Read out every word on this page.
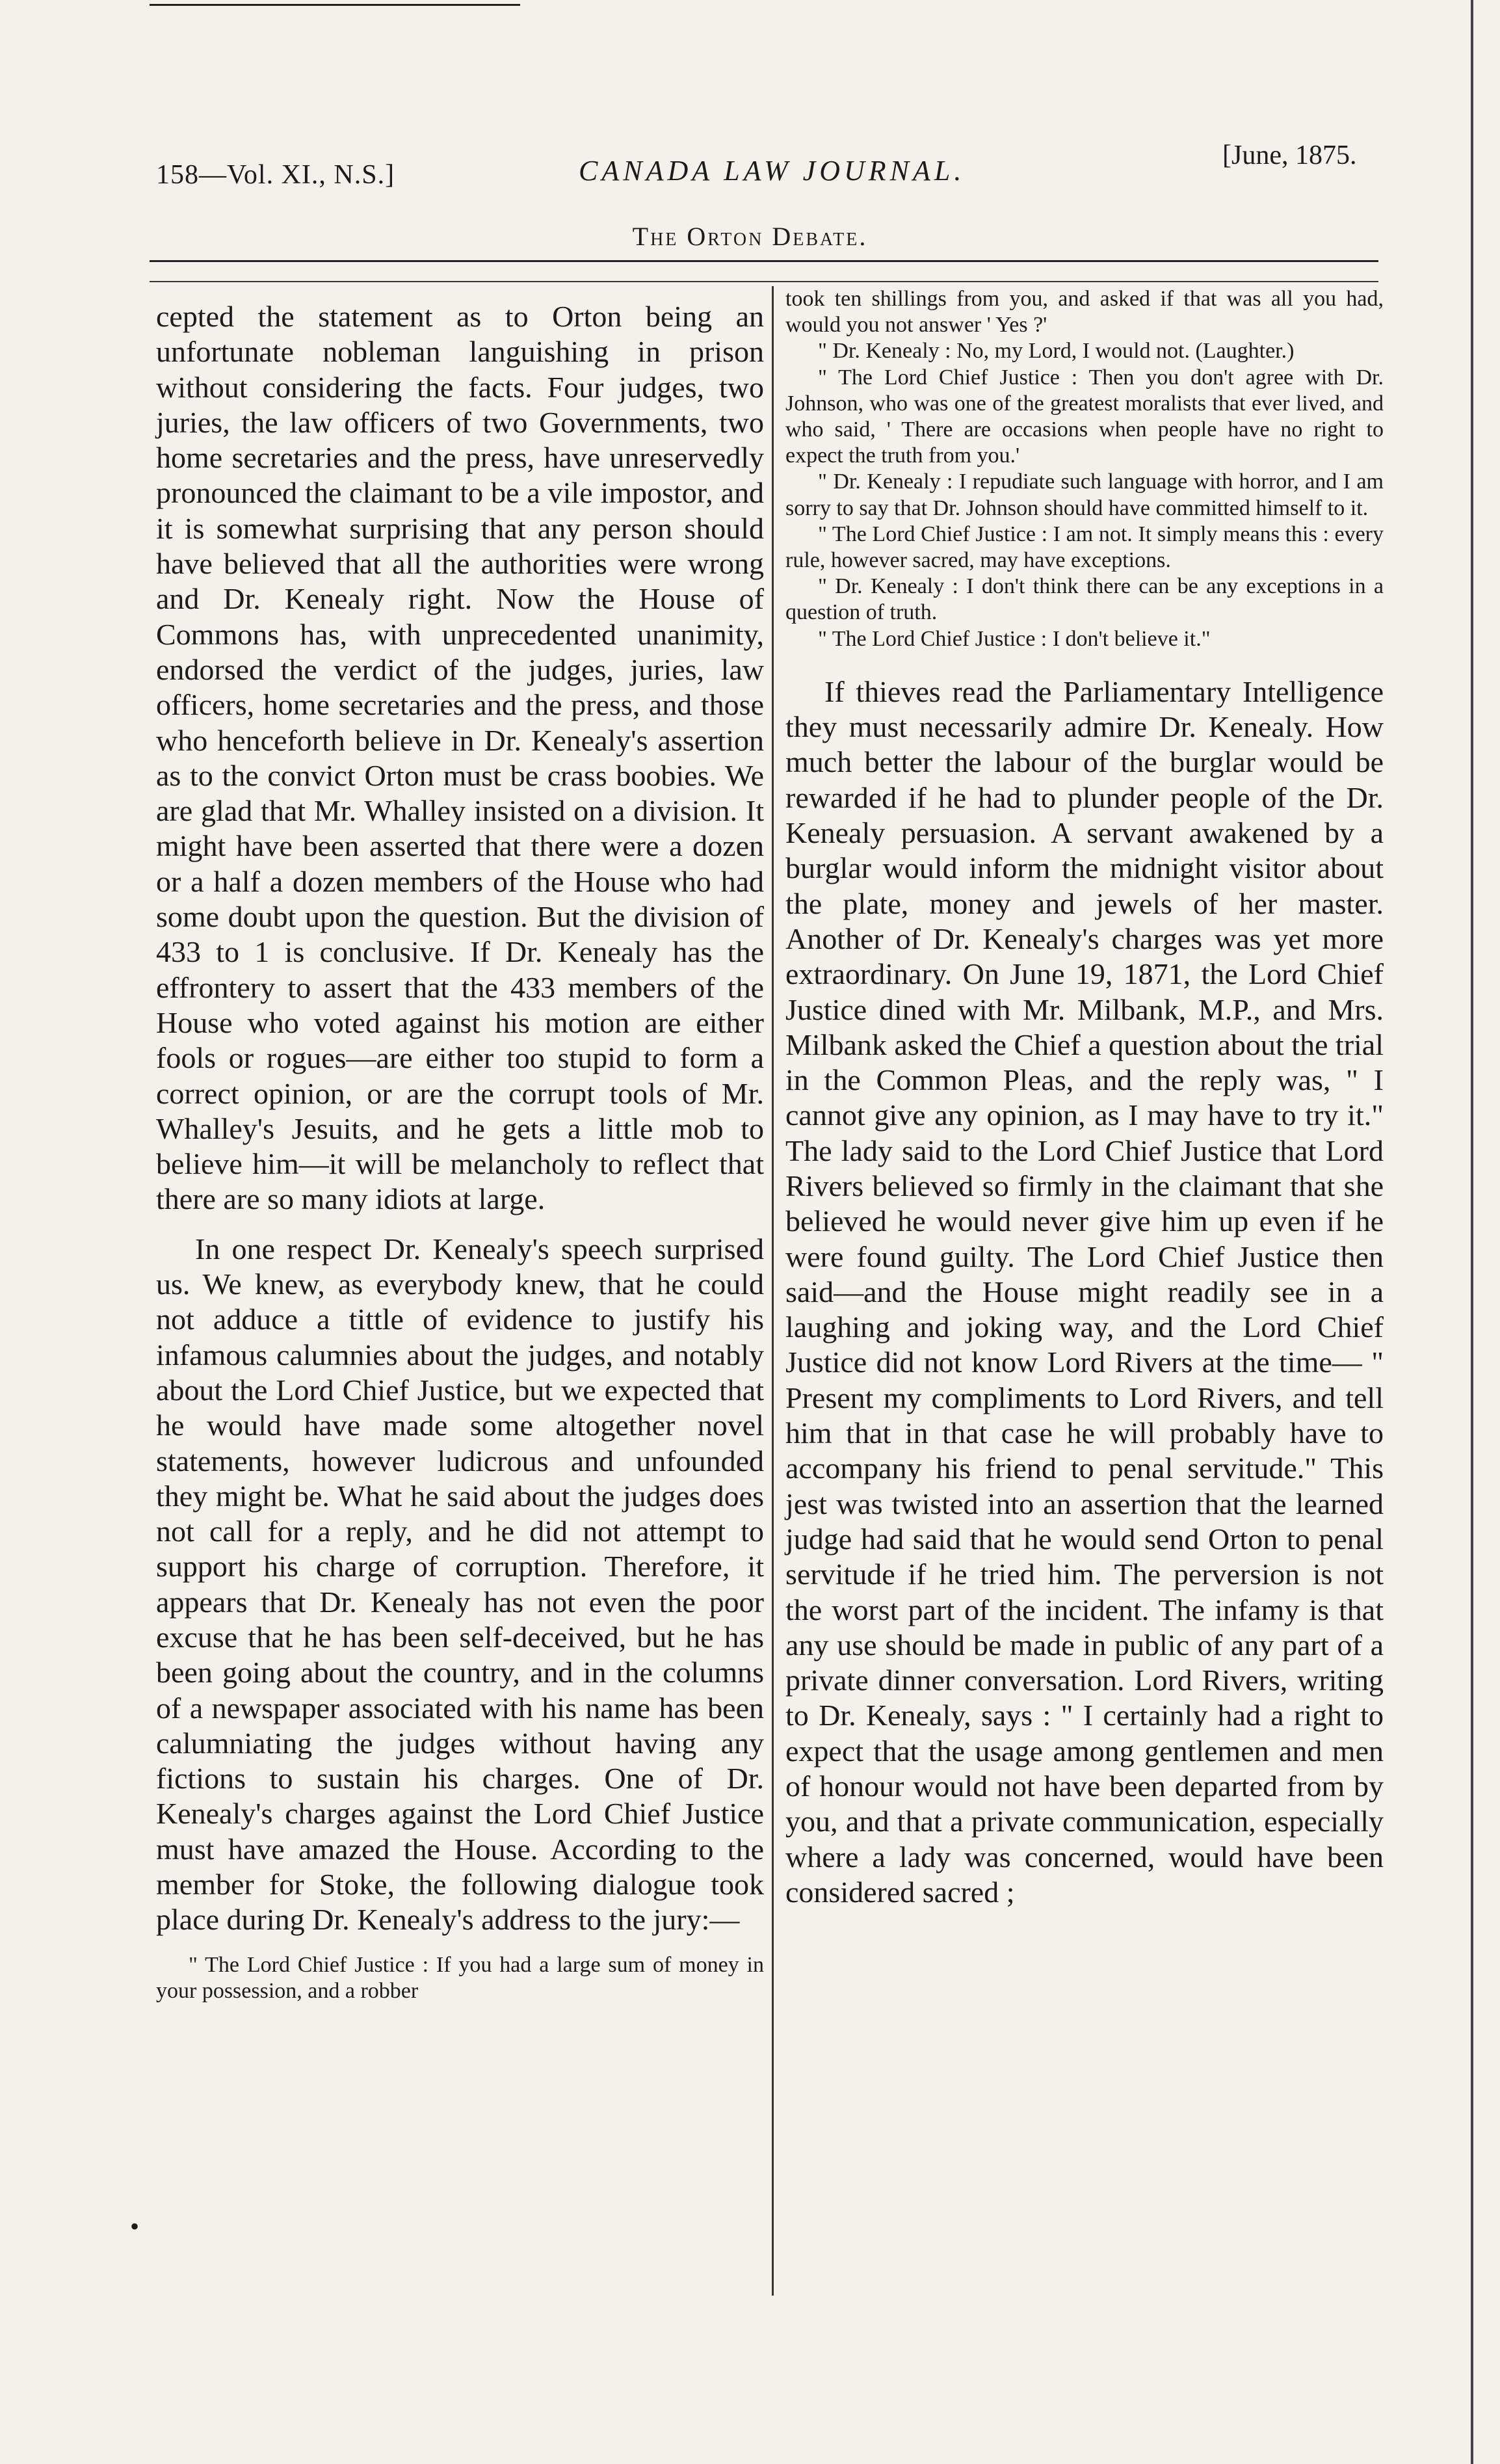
158—Vol. XI., N.S.]	CANADA LAW JOURNAL.	[June, 1875.
The Orton Debate.

cepted the statement as to Orton being an unfortunate nobleman languishing in prison without considering the facts. Four judges, two juries, the law officers of two Governments, two home secretaries and the press, have unreservedly pronounced the claimant to be a vile impostor, and it is somewhat surprising that any person should have believed that all the authorities were wrong and Dr. Kenealy right. Now the House of Commons has, with unprecedented unanimity, endorsed the verdict of the judges, juries, law officers, home secretaries and the press, and those who henceforth believe in Dr. Kenealy's assertion as to the convict Orton must be crass boobies. We are glad that Mr. Whalley insisted on a division. It might have been asserted that there were a dozen or a half a dozen members of the House who had some doubt upon the question. But the division of 433 to 1 is conclusive. If Dr. Kenealy has the effrontery to assert that the 433 members of the House who voted against his motion are either fools or rogues—are either too stupid to form a correct opinion, or are the corrupt tools of Mr. Whalley's Jesuits, and he gets a little mob to believe him—it will be melancholy to reflect that there are so many idiots at large.

In one respect Dr. Kenealy's speech surprised us. We knew, as everybody knew, that he could not adduce a tittle of evidence to justify his infamous calumnies about the judges, and notably about the Lord Chief Justice, but we expected that he would have made some altogether novel statements, however ludicrous and unfounded they might be. What he said about the judges does not call for a reply, and he did not attempt to support his charge of corruption. Therefore, it appears that Dr. Kenealy has not even the poor excuse that he has been self-deceived, but he has been going about the country, and in the columns of a newspaper associated with his name has been calumniating the judges without having any fictions to sustain his charges. One of Dr. Kenealy's charges against the Lord Chief Justice must have amazed the House. According to the member for Stoke, the following dialogue took place during Dr. Kenealy's address to the jury:—

" The Lord Chief Justice : If you had a large sum of money in your possession, and a robber

took ten shillings from you, and asked if that was all you had, would you not answer ' Yes ?'

" Dr. Kenealy : No, my Lord, I would not. (Laughter.)

" The Lord Chief Justice : Then you don't agree with Dr. Johnson, who was one of the greatest moralists that ever lived, and who said, ' There are occasions when people have no right to expect the truth from you.'

" Dr. Kenealy : I repudiate such language with horror, and I am sorry to say that Dr. Johnson should have committed himself to it.

" The Lord Chief Justice : I am not. It simply means this : every rule, however sacred, may have exceptions.

" Dr. Kenealy : I don't think there can be any exceptions in a question of truth.

" The Lord Chief Justice : I don't believe it."

If thieves read the Parliamentary Intelligence they must necessarily admire Dr. Kenealy. How much better the labour of the burglar would be rewarded if he had to plunder people of the Dr. Kenealy persuasion. A servant awakened by a burglar would inform the midnight visitor about the plate, money and jewels of her master. Another of Dr. Kenealy's charges was yet more extraordinary. On June 19, 1871, the Lord Chief Justice dined with Mr. Milbank, M.P., and Mrs. Milbank asked the Chief a question about the trial in the Common Pleas, and the reply was, " I cannot give any opinion, as I may have to try it." The lady said to the Lord Chief Justice that Lord Rivers believed so firmly in the claimant that she believed he would never give him up even if he were found guilty. The Lord Chief Justice then said—and the House might readily see in a laughing and joking way, and the Lord Chief Justice did not know Lord Rivers at the time— " Present my compliments to Lord Rivers, and tell him that in that case he will probably have to accompany his friend to penal servitude." This jest was twisted into an assertion that the learned judge had said that he would send Orton to penal servitude if he tried him. The perversion is not the worst part of the incident. The infamy is that any use should be made in public of any part of a private dinner conversation. Lord Rivers, writing to Dr. Kenealy, says : " I certainly had a right to expect that the usage among gentlemen and men of honour would not have been departed from by you, and that a private communication, especially where a lady was concerned, would have been considered sacred ;

•
